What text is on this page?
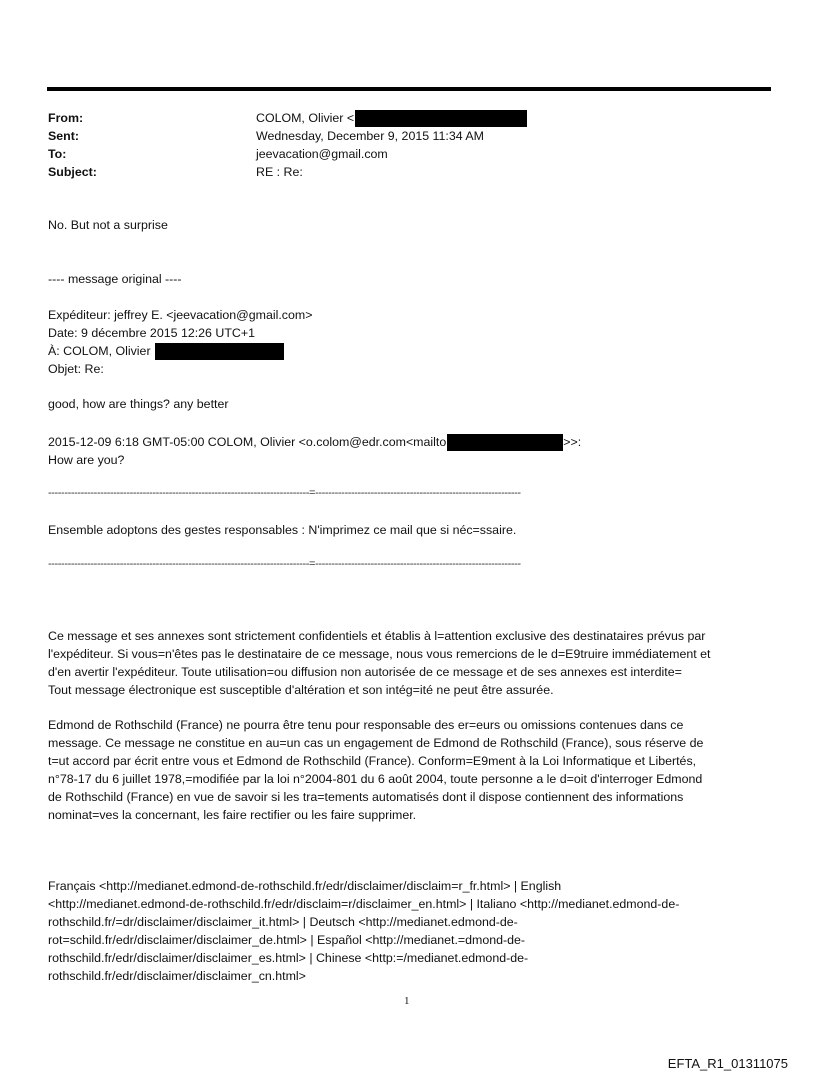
From:	COLOM, Olivier <
Sent:	Wednesday, December 9, 2015 11:34 AM
To:	jeevacation@gmail.com
Subject:	RE : Re:
No. But not a surprise
---- message original ----
Expéditeur: jeffrey E. <jeevacation@gmail.com>
Date: 9 décembre 2015 12:26 UTC+1
À: COLOM, Olivier
Objet: Re:
good, how are things? any better
2015-12-09 6:18 GMT-05:00 COLOM, Olivier <o.colom@edr.com<mailto	>>:
How are you?
--------------------------------------------------------------------------------=---------------------------------------------------------------
Ensemble adoptons des gestes responsables : N'imprimez ce mail que si néc=ssaire.
--------------------------------------------------------------------------------=---------------------------------------------------------------
Ce message et ses annexes sont strictement confidentiels et établis à l=attention exclusive des destinataires prévus par
l'expéditeur. Si vous=n'êtes pas le destinataire de ce message, nous vous remercions de le d=E9truire immédiatement et
d'en avertir l'expéditeur. Toute utilisation=ou diffusion non autorisée de ce message et de ses annexes est interdite=
Tout message électronique est susceptible d'altération et son intég=ité ne peut être assurée.
Edmond de Rothschild (France) ne pourra être tenu pour responsable des er=eurs ou omissions contenues dans ce
message. Ce message ne constitue en au=un cas un engagement de Edmond de Rothschild (France), sous réserve de
t=ut accord par écrit entre vous et Edmond de Rothschild (France). Conform=E9ment à la Loi Informatique et Libertés,
n°78-17 du 6 juillet 1978,=modifiée par la loi n°2004-801 du 6 août 2004, toute personne a le d=oit d'interroger Edmond
de Rothschild (France) en vue de savoir si les tra=tements automatisés dont il dispose contiennent des informations
nominat=ves la concernant, les faire rectifier ou les faire supprimer.
Français <http://medianet.edmond-de-rothschild.fr/edr/disclaimer/disclaim=r_fr.html> | English
<http://medianet.edmond-de-rothschild.fr/edr/disclaim=r/disclaimer_en.html> | Italiano <http://medianet.edmond-de-
rothschild.fr/=dr/disclaimer/disclaimer_it.html> | Deutsch <http://medianet.edmond-de-
rot=schild.fr/edr/disclaimer/disclaimer_de.html> | Español <http://medianet.=dmond-de-
rothschild.fr/edr/disclaimer/disclaimer_es.html> | Chinese <http:=/medianet.edmond-de-
rothschild.fr/edr/disclaimer/disclaimer_cn.html>
1
EFTA_R1_01311075
